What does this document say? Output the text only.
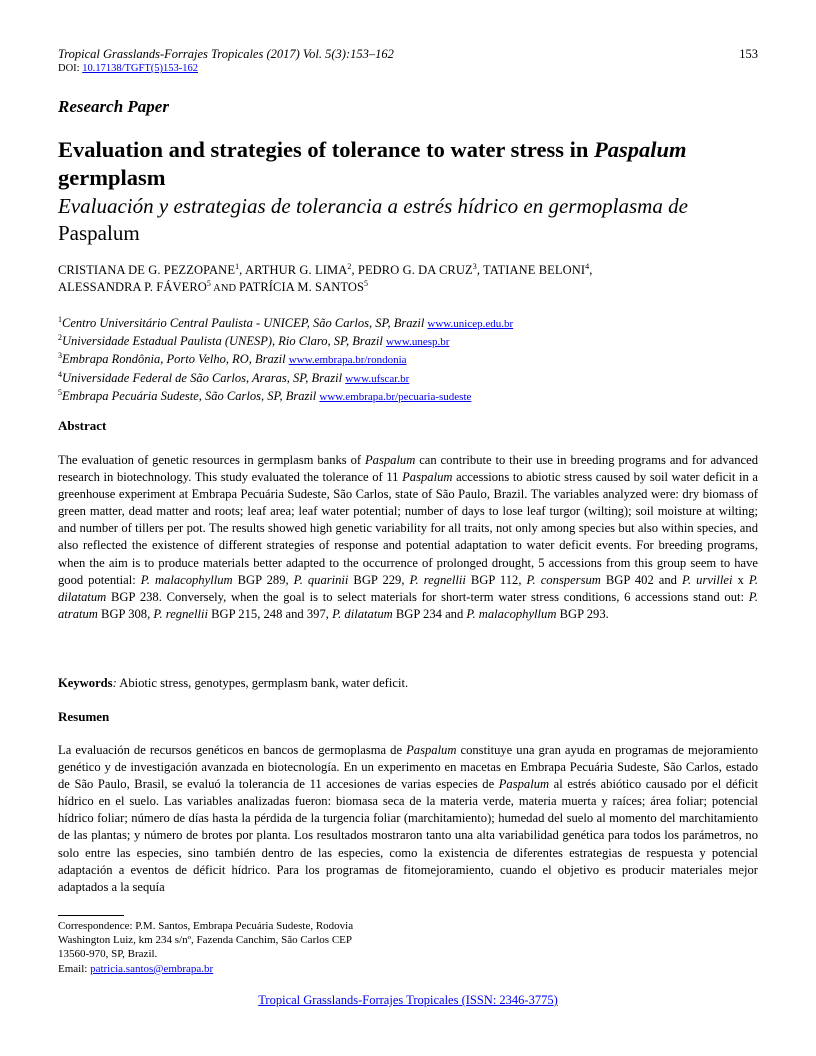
Tropical Grasslands-Forrajes Tropicales (2017) Vol. 5(3):153–162	153
DOI: 10.17138/TGFT(5)153-162
Research Paper
Evaluation and strategies of tolerance to water stress in Paspalum germplasm
Evaluación y estrategias de tolerancia a estrés hídrico en germoplasma de
Paspalum
CRISTIANA DE G. PEZZOPANE$^1$, ARTHUR G. LIMA$^2$, PEDRO G. DA CRUZ$^3$, TATIANE BELONI$^4$,
ALESSANDRA P. FÁVERO$^5$ AND PATRÍCIA M. SANTOS$^5$
$^1$Centro Universitário Central Paulista - UNICEP, São Carlos, SP, Brazil www.unicep.edu.br
$^2$Universidade Estadual Paulista (UNESP), Rio Claro, SP, Brazil www.unesp.br
$^3$Embrapa Rondônia, Porto Velho, RO, Brazil www.embrapa.br/rondonia
$^4$Universidade Federal de São Carlos, Araras, SP, Brazil www.ufscar.br
$^5$Embrapa Pecuária Sudeste, São Carlos, SP, Brazil www.embrapa.br/pecuaria-sudeste
Abstract
The evaluation of genetic resources in germplasm banks of Paspalum can contribute to their use in breeding programs and for advanced research in biotechnology. This study evaluated the tolerance of 11 Paspalum accessions to abiotic stress caused by soil water deficit in a greenhouse experiment at Embrapa Pecuária Sudeste, São Carlos, state of São Paulo, Brazil. The variables analyzed were: dry biomass of green matter, dead matter and roots; leaf area; leaf water potential; number of days to lose leaf turgor (wilting); soil moisture at wilting; and number of tillers per pot. The results showed high genetic variability for all traits, not only among species but also within species, and also reflected the existence of different strategies of response and potential adaptation to water deficit events. For breeding programs, when the aim is to produce materials better adapted to the occurrence of prolonged drought, 5 accessions from this group seem to have good potential: P. malacophyllum BGP 289, P. quarinii BGP 229, P. regnellii BGP 112, P. conspersum BGP 402 and P. urvillei x P. dilatatum BGP 238. Conversely, when the goal is to select materials for short-term water stress conditions, 6 accessions stand out: P. atratum BGP 308, P. regnellii BGP 215, 248 and 397, P. dilatatum BGP 234 and P. malacophyllum BGP 293.
Keywords: Abiotic stress, genotypes, germplasm bank, water deficit.
Resumen
La evaluación de recursos genéticos en bancos de germoplasma de Paspalum constituye una gran ayuda en programas de mejoramiento genético y de investigación avanzada en biotecnología. En un experimento en macetas en Embrapa Pecuária Sudeste, São Carlos, estado de São Paulo, Brasil, se evaluó la tolerancia de 11 accesiones de varias especies de Paspalum al estrés abiótico causado por el déficit hídrico en el suelo. Las variables analizadas fueron: biomasa seca de la materia verde, materia muerta y raíces; área foliar; potencial hídrico foliar; número de días hasta la pérdida de la turgencia foliar (marchitamiento); humedad del suelo al momento del marchitamiento de las plantas; y número de brotes por planta. Los resultados mostraron tanto una alta variabilidad genética para todos los parámetros, no solo entre las especies, sino también dentro de las especies, como la existencia de diferentes estrategias de respuesta y potencial adaptación a eventos de déficit hídrico. Para los programas de fitomejoramiento, cuando el objetivo es producir materiales mejor adaptados a la sequía
Correspondence: P.M. Santos, Embrapa Pecuária Sudeste, Rodovia
Washington Luiz, km 234 s/nº, Fazenda Canchim, São Carlos CEP
13560-970, SP, Brazil.
Email: patricia.santos@embrapa.br
Tropical Grasslands-Forrajes Tropicales (ISSN: 2346-3775)
